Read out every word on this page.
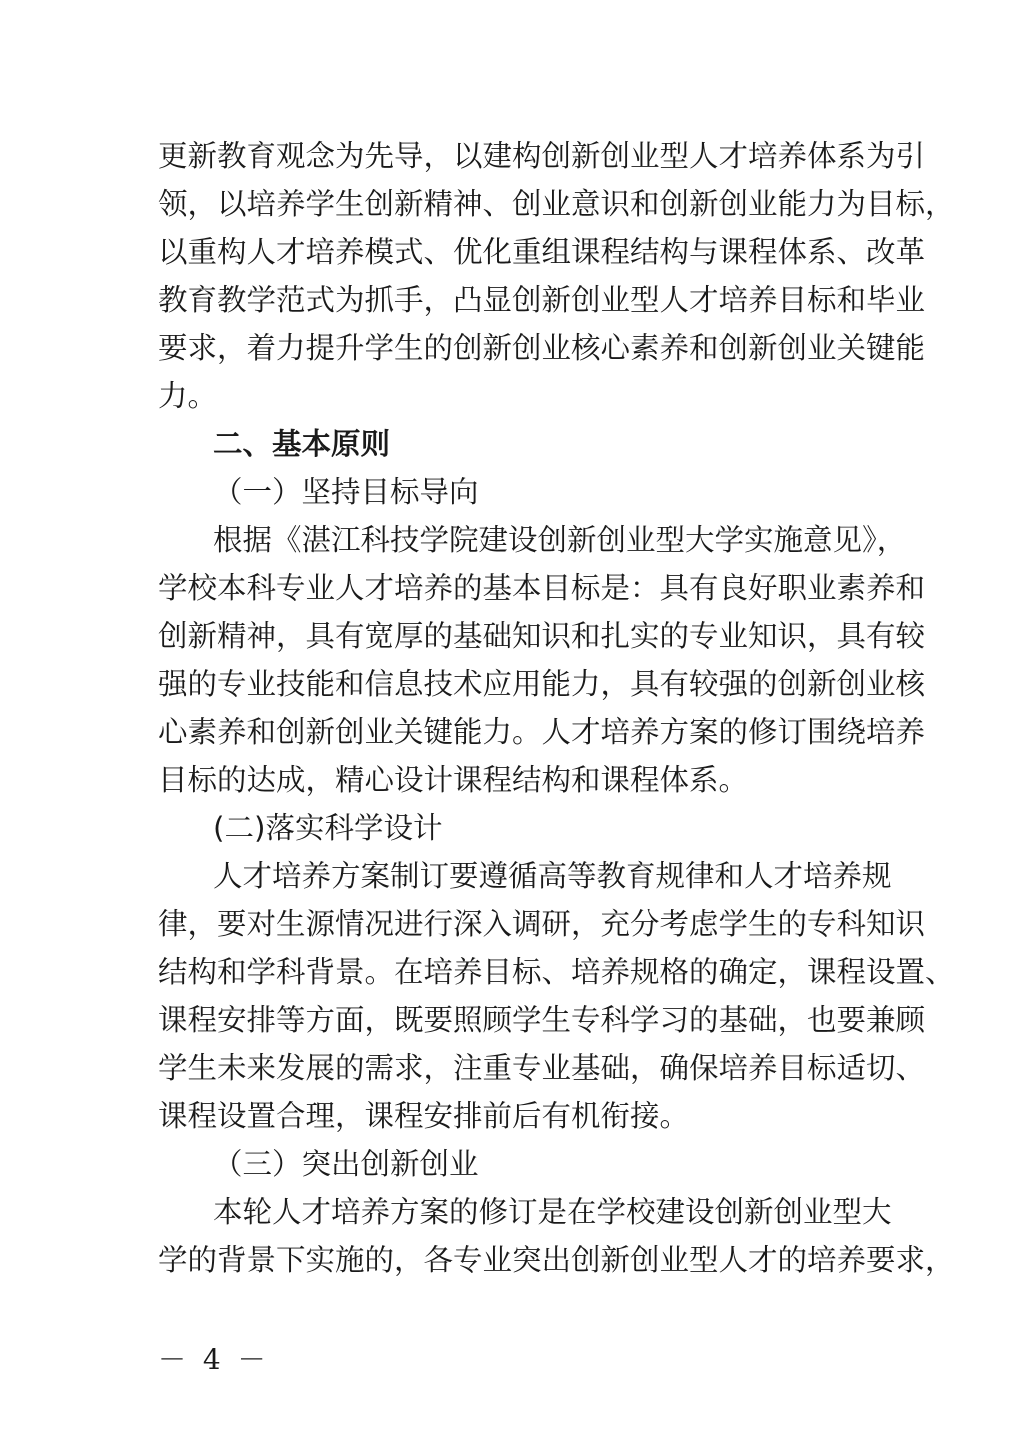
更新教育观念为先导，以建构创新创业型人才培养体系为引
领，以培养学生创新精神、创业意识和创新创业能力为目标，
以重构人才培养模式、优化重组课程结构与课程体系、改革
教育教学范式为抓手，凸显创新创业型人才培养目标和毕业
要求，着力提升学生的创新创业核心素养和创新创业关键能
力。
二、基本原则
（一）坚持目标导向
根据《湛江科技学院建设创新创业型大学实施意见》，
学校本科专业人才培养的基本目标是：具有良好职业素养和
创新精神，具有宽厚的基础知识和扎实的专业知识，具有较
强的专业技能和信息技术应用能力，具有较强的创新创业核
心素养和创新创业关键能力。人才培养方案的修订围绕培养
目标的达成，精心设计课程结构和课程体系。
(二)落实科学设计
人才培养方案制订要遵循高等教育规律和人才培养规
律，要对生源情况进行深入调研，充分考虑学生的专科知识
结构和学科背景。在培养目标、培养规格的确定，课程设置、
课程安排等方面，既要照顾学生专科学习的基础，也要兼顾
学生未来发展的需求，注重专业基础，确保培养目标适切、
课程设置合理，课程安排前后有机衔接。
（三）突出创新创业
本轮人才培养方案的修订是在学校建设创新创业型大
学的背景下实施的，各专业突出创新创业型人才的培养要求，
－ 4 －
